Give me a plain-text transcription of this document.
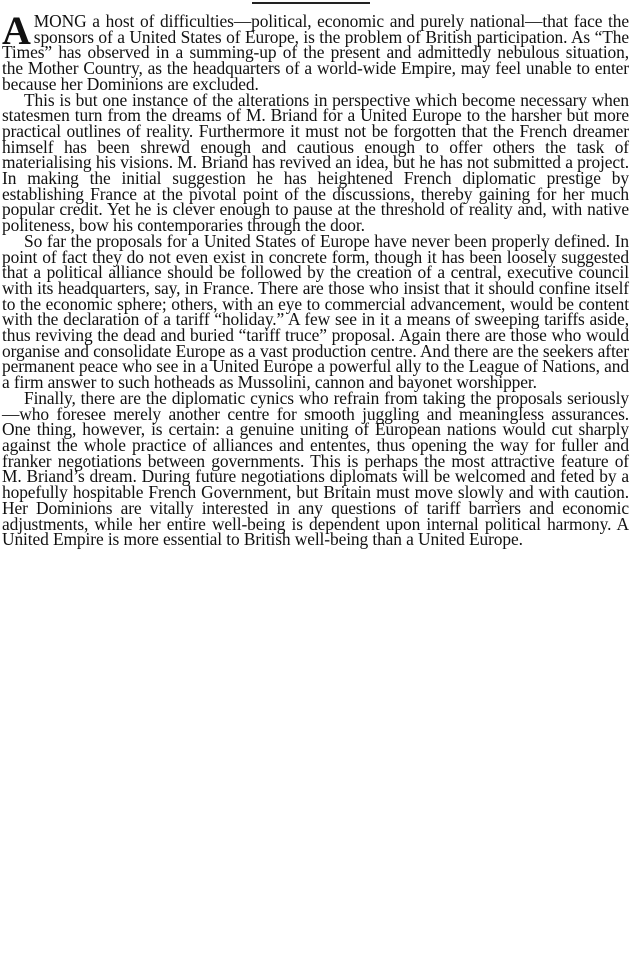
AMONG a host of difficulties—political, economic and purely national—that face the sponsors of a United States of Europe, is the problem of British participation. As “The Times” has observed in a summing-up of the present and admittedly nebulous situation, the Mother Country, as the headquarters of a world-wide Empire, may feel unable to enter because her Dominions are excluded.

This is but one instance of the alterations in perspective which become necessary when statesmen turn from the dreams of M. Briand for a United Europe to the harsher but more practical outlines of reality. Furthermore it must not be forgotten that the French dreamer himself has been shrewd enough and cautious enough to offer others the task of materialising his visions. M. Briand has revived an idea, but he has not submitted a project. In making the initial suggestion he has heightened French diplomatic prestige by establishing France at the pivotal point of the discussions, thereby gaining for her much popular credit. Yet he is clever enough to pause at the threshold of reality and, with native politeness, bow his contemporaries through the door.

So far the proposals for a United States of Europe have never been properly defined. In point of fact they do not even exist in concrete form, though it has been loosely suggested that a political alliance should be followed by the creation of a central, executive council with its headquarters, say, in France. There are those who insist that it should confine itself to the economic sphere; others, with an eye to commercial advancement, would be content with the declaration of a tariff “holiday.” A few see in it a means of sweeping tariffs aside, thus reviving the dead and buried “tariff truce” proposal. Again there are those who would organise and consolidate Europe as a vast production centre. And there are the seekers after permanent peace who see in a United Europe a powerful ally to the League of Nations, and a firm answer to such hotheads as Mussolini, cannon and bayonet worshipper.

Finally, there are the diplomatic cynics who refrain from taking the proposals seriously—who foresee merely another centre for smooth juggling and meaningless assurances. One thing, however, is certain: a genuine uniting of European nations would cut sharply against the whole practice of alliances and ententes, thus opening the way for fuller and franker negotiations between governments. This is perhaps the most attractive feature of M. Briand’s dream. During future negotiations diplomats will be welcomed and feted by a hopefully hospitable French Government, but Britain must move slowly and with caution. Her Dominions are vitally interested in any questions of tariff barriers and economic adjustments, while her entire well-being is dependent upon internal political harmony. A United Empire is more essential to British well-being than a United Europe.
